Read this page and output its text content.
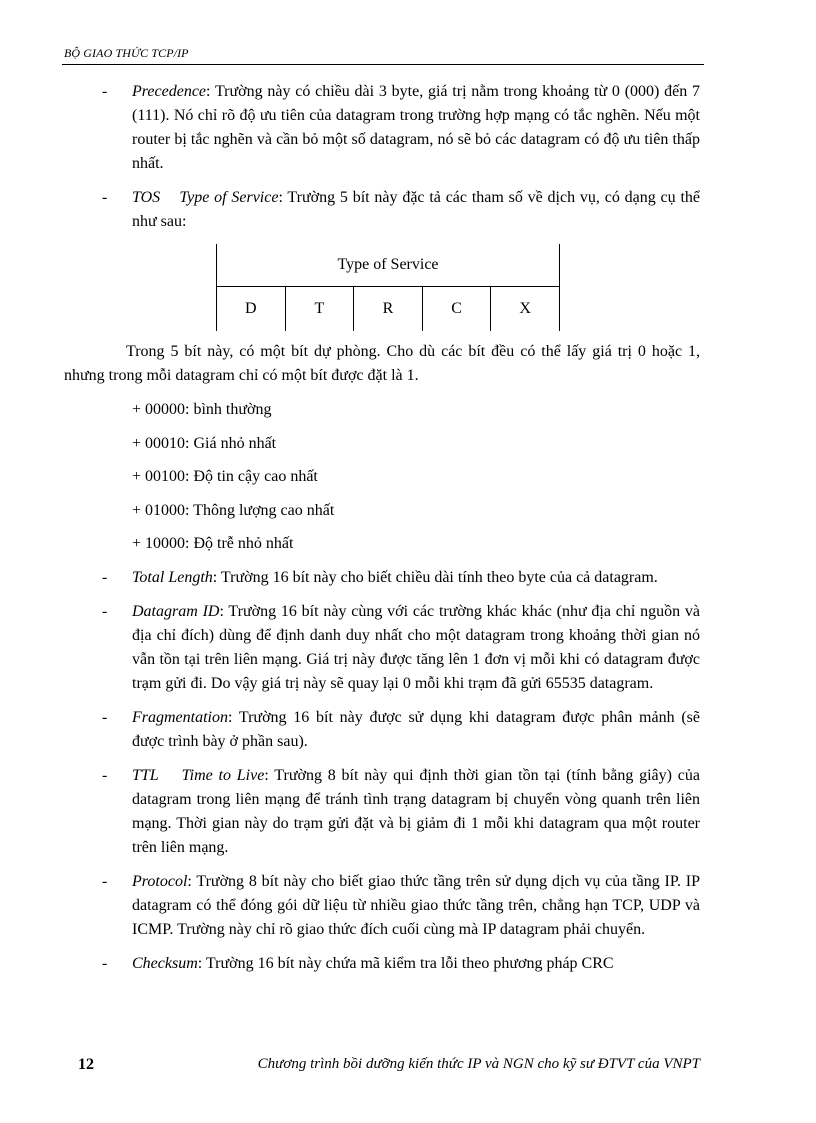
BỘ GIAO THỨC TCP/IP
- Precedence: Trường này có chiều dài 3 byte, giá trị nằm trong khoảng từ 0 (000) đến 7 (111). Nó chỉ rõ độ ưu tiên của datagram trong trường hợp mạng có tắc nghẽn. Nếu một router bị tắc nghẽn và cần bỏ một số datagram, nó sẽ bỏ các datagram có độ ưu tiên thấp nhất.

- TOS    Type of Service: Trường 5 bít này đặc tả các tham số về dịch vụ, có dạng cụ thể như sau:

Type of Service
D	T	R	C	X

Trong 5 bít này, có một bít dự phòng. Cho dù các bít đều có thể lấy giá trị 0 hoặc 1, nhưng trong mỗi datagram chỉ có một bít được đặt là 1.

+ 00000: bình thường
+ 00010: Giá nhỏ nhất
+ 00100: Độ tin cậy cao nhất
+ 01000: Thông lượng cao nhất
+ 10000: Độ trễ nhỏ nhất
- Total Length: Trường 16 bít này cho biết chiều dài tính theo byte của cả datagram.

- Datagram ID: Trường 16 bít này cùng với các trường khác khác (như địa chỉ nguồn và địa chỉ đích) dùng để định danh duy nhất cho một datagram trong khoảng thời gian nó vẫn tồn tại trên liên mạng. Giá trị này được tăng lên 1 đơn vị mỗi khi có datagram được trạm gửi đi. Do vậy giá trị này sẽ quay lại 0 mỗi khi trạm đã gửi 65535 datagram.

- Fragmentation: Trường 16 bít này được sử dụng khi datagram được phân mảnh (sẽ được trình bày ở phần sau).

- TTL    Time to Live: Trường 8 bít này qui định thời gian tồn tại (tính bằng giây) của datagram trong liên mạng để tránh tình trạng datagram bị chuyển vòng quanh trên liên mạng. Thời gian này do trạm gửi đặt và bị giảm đi 1 mỗi khi datagram qua một router trên liên mạng.

- Protocol: Trường 8 bít này cho biết giao thức tầng trên sử dụng dịch vụ của tầng IP. IP datagram có thể đóng gói dữ liệu từ nhiều giao thức tầng trên, chẳng hạn TCP, UDP và ICMP. Trường này chỉ rõ giao thức đích cuối cùng mà IP datagram phải chuyển.

- Checksum: Trường 16 bít này chứa mã kiểm tra lỗi theo phương pháp CRC

12	Chương trình bồi dưỡng kiến thức IP và NGN cho kỹ sư ĐTVT của VNPT
